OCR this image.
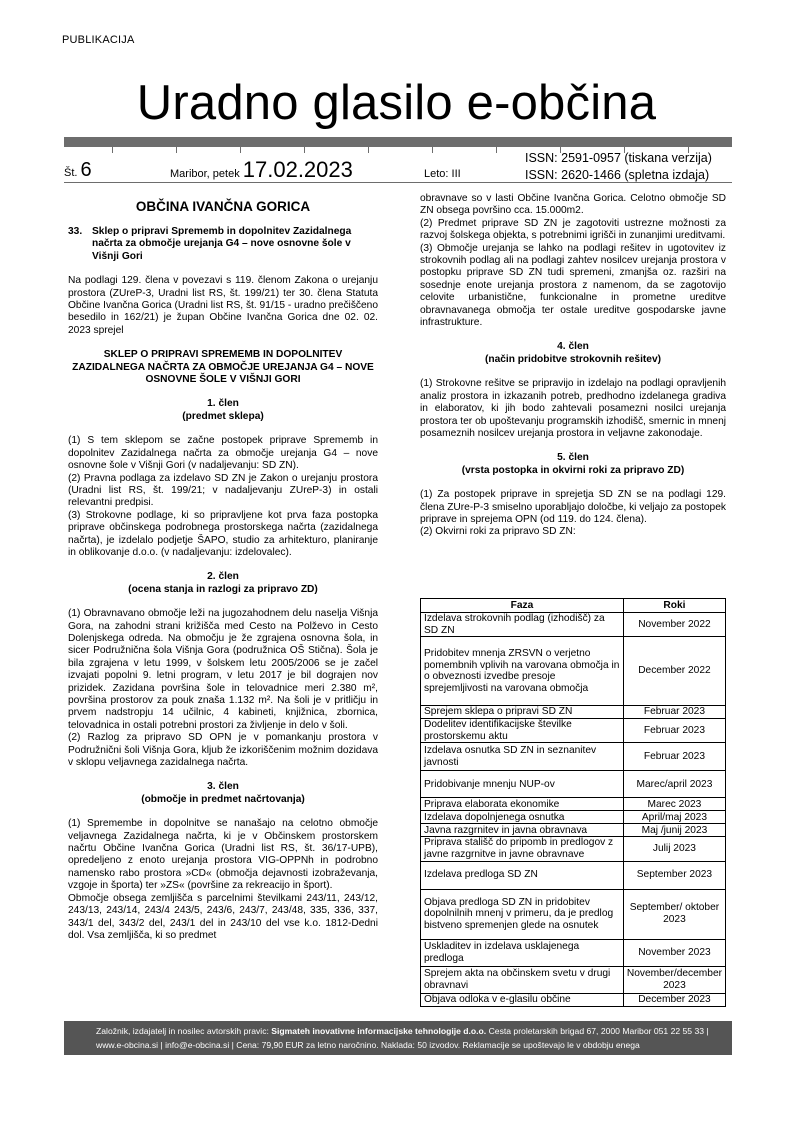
PUBLIKACIJA
Uradno glasilo e-občina
Št. 6	Maribor, petek 17.02.2023	Leto: III
ISSN: 2591-0957 (tiskana verzija)
ISSN: 2620-1466 (spletna izdaja)
OBČINA IVANČNA GORICA
33. Sklep o pripravi Sprememb in dopolnitev Zazidalnega načrta za območje urejanja G4 – nove osnovne šole v Višnji Gori

Na podlagi 129. člena v povezavi s 119. členom Zakona o urejanju prostora (ZUreP-3, Uradni list RS, št. 199/21) ter 30. člena Statuta Občine Ivančna Gorica (Uradni list RS, št. 91/15 - uradno prečiščeno besedilo in 162/21) je župan Občine Ivančna Gorica dne 02. 02. 2023 sprejel

SKLEP O PRIPRAVI SPREMEMB IN DOPOLNITEV ZAZIDALNEGA NAČRTA ZA OBMOČJE UREJANJA G4 – NOVE OSNOVNE ŠOLE V VIŠNJI GORI

1. člen

(predmet sklepa)

(1) S tem sklepom se začne postopek priprave Sprememb in dopolnitev Zazidalnega načrta za območje urejanja G4 – nove osnovne šole v Višnji Gori (v nadaljevanju: SD ZN).

(2) Pravna podlaga za izdelavo SD ZN je Zakon o urejanju prostora (Uradni list RS, št. 199/21; v nadaljevanju ZUreP-3) in ostali relevantni predpisi.

(3) Strokovne podlage, ki so pripravljene kot prva faza postopka priprave občinskega podrobnega prostorskega načrta (zazidalnega načrta), je izdelalo podjetje ŠAPO, studio za arhitekturo, planiranje in oblikovanje d.o.o. (v nadaljevanju: izdelovalec).

2. člen

(ocena stanja in razlogi za pripravo ZD)

(1) Obravnavano območje leži na jugozahodnem delu naselja Višnja Gora, na zahodni strani križišča med Cesto na Polževo in Cesto Dolenjskega odreda. Na območju je že zgrajena osnovna šola, in sicer Podružnična šola Višnja Gora (podružnica OŠ Stična). Šola je bila zgrajena v letu 1999, v šolskem letu 2005/2006 se je začel izvajati popolni 9. letni program, v letu 2017 je bil dograjen nov prizidek. Zazidana površina šole in telovadnice meri 2.380 m², površina prostorov za pouk znaša 1.132 m². Na šoli je v pritličju in prvem nadstropju 14 učilnic, 4 kabineti, knjižnica, zbornica, telovadnica in ostali potrebni prostori za življenje in delo v šoli.

(2) Razlog za pripravo SD OPN je v pomankanju prostora v Podružnični šoli Višnja Gora, kljub že izkoriščenim možnim dozidava v sklopu veljavnega zazidalnega načrta.

3. člen

(območje in predmet načrtovanja)

(1) Spremembe in dopolnitve se nanašajo na celotno območje veljavnega Zazidalnega načrta, ki je v Občinskem prostorskem načrtu Občine Ivančna Gorica (Uradni list RS, št. 36/17-UPB), opredeljeno z enoto urejanja prostora VIG-OPPNh in podrobno namensko rabo prostora »CD« (območja dejavnosti izobraževanja, vzgoje in športa) ter »ZS« (površine za rekreacijo in šport).

Območje obsega zemljišča s parcelnimi številkami 243/11, 243/12, 243/13, 243/14, 243/4 243/5, 243/6, 243/7, 243/48, 335, 336, 337, 343/1 del, 343/2 del, 243/1 del in 243/10 del vse k.o. 1812-Dedni dol. Vsa zemljišča, ki so predmet

obravnave so v lasti Občine Ivančna Gorica. Celotno območje SD ZN obsega površino cca. 15.000m2.

(2) Predmet priprave SD ZN je zagotoviti ustrezne možnosti za razvoj šolskega objekta, s potrebnimi igrišči in zunanjimi ureditvami.

(3) Območje urejanja se lahko na podlagi rešitev in ugotovitev iz strokovnih podlag ali na podlagi zahtev nosilcev urejanja prostora v postopku priprave SD ZN tudi spremeni, zmanjša oz. razširi na sosednje enote urejanja prostora z namenom, da se zagotovijo celovite urbanistične, funkcionalne in prometne ureditve obravnavanega območja ter ostale ureditve gospodarske javne infrastrukture.

4. člen

(način pridobitve strokovnih rešitev)

(1) Strokovne rešitve se pripravijo in izdelajo na podlagi opravljenih analiz prostora in izkazanih potreb, predhodno izdelanega gradiva in elaboratov, ki jih bodo zahtevali posamezni nosilci urejanja prostora ter ob upoštevanju programskih izhodišč, smernic in mnenj posameznih nosilcev urejanja prostora in veljavne zakonodaje.

5. člen

(vrsta postopka in okvirni roki za pripravo ZD)

(1) Za postopek priprave in sprejetja SD ZN se na podlagi 129. člena ZUre-P-3 smiselno uporabljajo določbe, ki veljajo za postopek priprave in sprejema OPN (od 119. do 124. člena).

(2) Okvirni roki za pripravo SD ZN:

Faza	Roki
Izdelava strokovnih podlag (izhodišč) za SD ZN	November 2022
Pridobitev mnenja ZRSVN o verjetno pomembnih vplivih na varovana območja in o obveznosti izvedbe presoje sprejemljivosti na varovana območja	December 2022
Sprejem sklepa o pripravi SD ZN	Februar 2023
Dodelitev identifikacijske številke prostorskemu aktu	Februar 2023
Izdelava osnutka SD ZN in seznanitev javnosti	Februar 2023
Pridobivanje mnenju NUP-ov	Marec/april 2023
Priprava elaborata ekonomike	Marec 2023
Izdelava dopolnjenega osnutka	April/maj 2023
Javna razgrnitev in javna obravnava	Maj /junij 2023
Priprava stališč do pripomb in predlogov z javne razgrnitve in javne obravnave	Julij 2023
Izdelava predloga SD ZN	September 2023
Objava predloga SD ZN in pridobitev dopolnilnih mnenj v primeru, da je predlog bistveno spremenjen glede na osnutek	September/ oktober 2023
Uskladitev in izdelava usklajenega predloga	November 2023
Sprejem akta na občinskem svetu v drugi obravnavi	November/december 2023
Objava odloka v e-glasilu občine	December 2023
Založnik, izdajatelj in nosilec avtorskih pravic: Sigmateh inovativne informacijske tehnologije d.o.o. Cesta proletarskih brigad 67, 2000 Maribor 051 22 55 33 | www.e-obcina.si | info@e-obcina.si | Cena: 79,90 EUR za letno naročnino. Naklada: 50 izvodov. Reklamacije se upoštevajo le v obdobju enega
